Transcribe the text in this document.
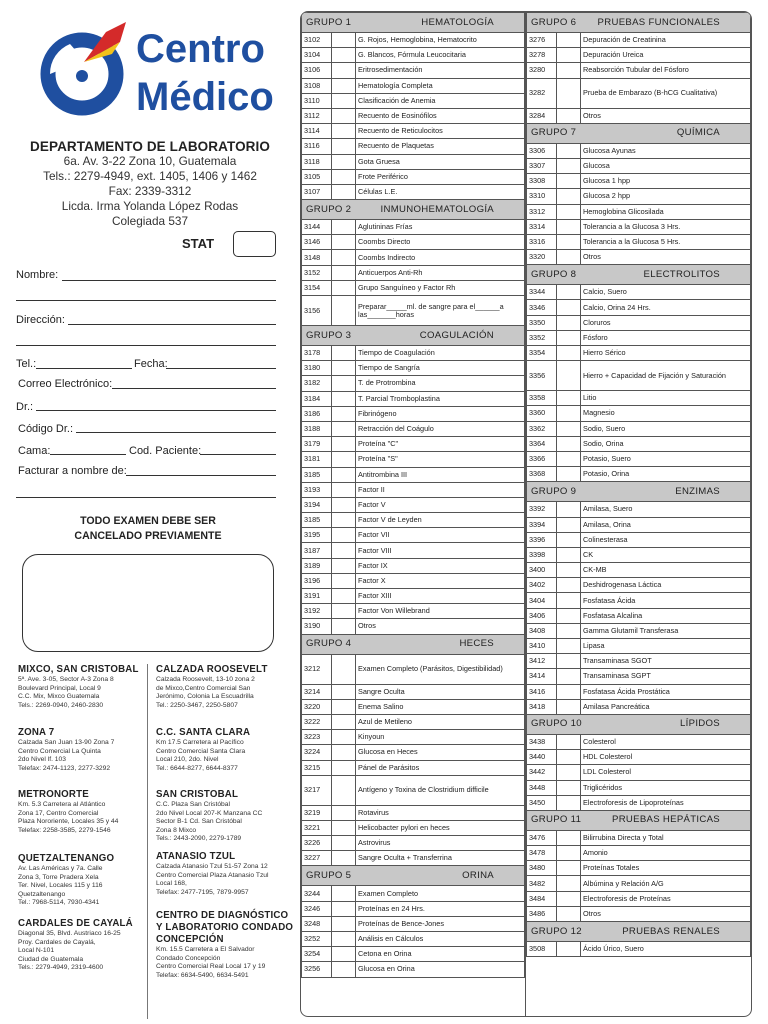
Centro
Médico
DEPARTAMENTO DE LABORATORIO
6a. Av. 3-22 Zona 10, Guatemala
Tels.: 2279-4949, ext. 1405, 1406 y 1462
Fax: 2339-3312
Licda. Irma Yolanda López Rodas
Colegiada 537
STAT
Nombre:
Dirección:
Tel.:	Fecha:
Correo Electrónico:
Dr.:
Código Dr.:
Cama:	Cod. Paciente:
Facturar a nombre de:
TODO EXAMEN DEBE SER
CANCELADO PREVIAMENTE
MIXCO, SAN CRISTOBAL
5ª. Ave. 3-05, Sector A-3 Zona 8
Boulevard Principal, Local 9
C.C. Mix, Mixco Guatemala
Tels.: 2269-0940, 2460-2830
ZONA 7
Calzada San Juan 13-90 Zona 7
Centro Comercial La Quinta
2do Nivel lf. 103
Telefax: 2474-1123, 2277-3292
METRONORTE
Km. 5.3 Carretera al Atlántico
Zona 17, Centro Comercial
Plaza Nororiente, Locales 35 y 44
Telefax: 2258-3585, 2279-1546
QUETZALTENANGO
Av. Las Américas y 7a. Calle
Zona 3, Torre Pradera Xela
Ter. Nivel, Locales 115 y 116
Quetzaltenango
Tel.: 7968-5114, 7930-4341
CARDALES DE CAYALÁ
Diagonal 35, Blvd. Austriaco 16-25
Proy. Cardales de Cayalá,
Local N-101
Ciudad de Guatemala
Tels.: 2279-4949, 2319-4600
CALZADA ROOSEVELT
Calzada Roosevelt, 13-10 zona 2
de Mixco,Centro Comercial San
Jerónimo, Colonia La Escuadrilla
Tel.: 2250-3467, 2250-5807
C.C. SANTA CLARA
Km 17.5 Carretera al Pacífico
Centro Comercial Santa Clara
Local 210, 2do. Nivel
Tel.: 6644-8277, 6644-8377
SAN CRISTOBAL
C.C. Plaza San Cristóbal
2do Nivel Local 207-K Manzana CC
Sector B-1 Cd. San Cristóbal
Zona 8 Mixco
Tels.: 2443-2090, 2279-1789
ATANASIO TZUL
Calzada Atanasio Tzul 51-57 Zona 12
Centro Comercial Plaza Atanasio Tzul
Local 168,
Telefax: 2477-7195, 7879-9957
CENTRO DE DIAGNÓSTICO Y LABORATORIO CONDADO CONCEPCIÓN
Km. 15.5 Carretera a El Salvador
Condado Concepción
Centro Comercial Real Local 17 y 19
Telefax: 6634-5490, 6634-5491
GRUPO 1 HEMATOLOGÍA		

3102		G. Rojos, Hemoglobina, Hematocrito
3104		G. Blancos, Fórmula Leucocitaria
3106		Eritrosedimentación
3108		Hematología Completa
3110		Clasificación de Anemia
3112		Recuento de Eosinófilos
3114		Recuento de Reticulocitos
3116		Recuento de Plaquetas
3118		Gota Gruesa
3105		Frote Periférico
3107		Células L.E.

GRUPO 2 INMUNOHEMATOLOGÍA		

3144		Aglutininas Frías
3146		Coombs Directo
3148		Coombs Indirecto
3152		Anticuerpos Anti-Rh
3154		Grupo Sanguíneo y Factor Rh
3156		Preparar_____ml. de sangre para el______a las_______horas

GRUPO 3 COAGULACIÓN		

3178		Tiempo de Coagulación
3180		Tiempo de Sangría
3182		T. de Protrombina
3184		T. Parcial Tromboplastina
3186		Fibrinógeno
3188		Retracción del Coágulo
3179		Proteína "C"
3181		Proteína "S"
3185		Antitrombina III
3193		Factor II
3194		Factor V
3185		Factor V de Leyden
3195		Factor VII
3187		Factor VIII
3189		Factor IX
3196		Factor X
3191		Factor XIII
3192		Factor Von Willebrand
3190		Otros

GRUPO 4 HECES		

3212		Examen Completo (Parásitos, Digestibilidad)
3214		Sangre Oculta
3220		Enema Salino
3222		Azul de Metileno
3223		Kinyoun
3224		Glucosa en Heces
3215		Pánel de Parásitos
3217		Antígeno y Toxina de Clostridium difficile
3219		Rotavirus
3221		Helicobacter pylori en heces
3226		Astrovirus
3227		Sangre Oculta + Transferrina

GRUPO 5 ORINA		

3244		Examen Completo
3246		Proteínas en 24 Hrs.
3248		Proteínas de Bence-Jones
3252		Análisis en Cálculos
3254		Cetona en Orina
3256		Glucosa en Orina
GRUPO 6 PRUEBAS FUNCIONALES		

3276		Depuración de Creatinina
3278		Depuración Ureica
3280		Reabsorción Tubular del Fósforo
3282		Prueba de Embarazo (B-hCG Cualitativa)
3284		Otros

GRUPO 7 QUÍMICA		

3306		Glucosa Ayunas
3307		Glucosa
3308		Glucosa 1 hpp
3310		Glucosa 2 hpp
3312		Hemoglobina Glicosilada
3314		Tolerancia a la Glucosa 3 Hrs.
3316		Tolerancia a la Glucosa 5 Hrs.
3320		Otros

GRUPO 8 ELECTROLITOS		

3344		Calcio, Suero
3346		Calcio, Orina 24 Hrs.
3350		Cloruros
3352		Fósforo
3354		Hierro Sérico
3356		Hierro + Capacidad de Fijación y Saturación
3358		Litio
3360		Magnesio
3362		Sodio, Suero
3364		Sodio, Orina
3366		Potasio, Suero
3368		Potasio, Orina

GRUPO 9 ENZIMAS		

3392		Amilasa, Suero
3394		Amilasa, Orina
3396		Colinesterasa
3398		CK
3400		CK-MB
3402		Deshidrogenasa Láctica
3404		Fosfatasa Ácida
3406		Fosfatasa Alcalina
3408		Gamma Glutamil Transferasa
3410		Lipasa
3412		Transaminasa SGOT
3414		Transaminasa SGPT
3416		Fosfatasa Ácida Prostática
3418		Amilasa Pancreática

GRUPO 10 LÍPIDOS		

3438		Colesterol
3440		HDL Colesterol
3442		LDL Colesterol
3448		Triglicéridos
3450		Electroforesis de Lipoproteínas

GRUPO 11 PRUEBAS HEPÁTICAS		

3476		Bilirrubina Directa y Total
3478		Amonio
3480		Proteínas Totales
3482		Albúmina y Relación A/G
3484		Electroforesis de Proteínas
3486		Otros

GRUPO 12 PRUEBAS RENALES		

3508		Ácido Úrico, Suero
